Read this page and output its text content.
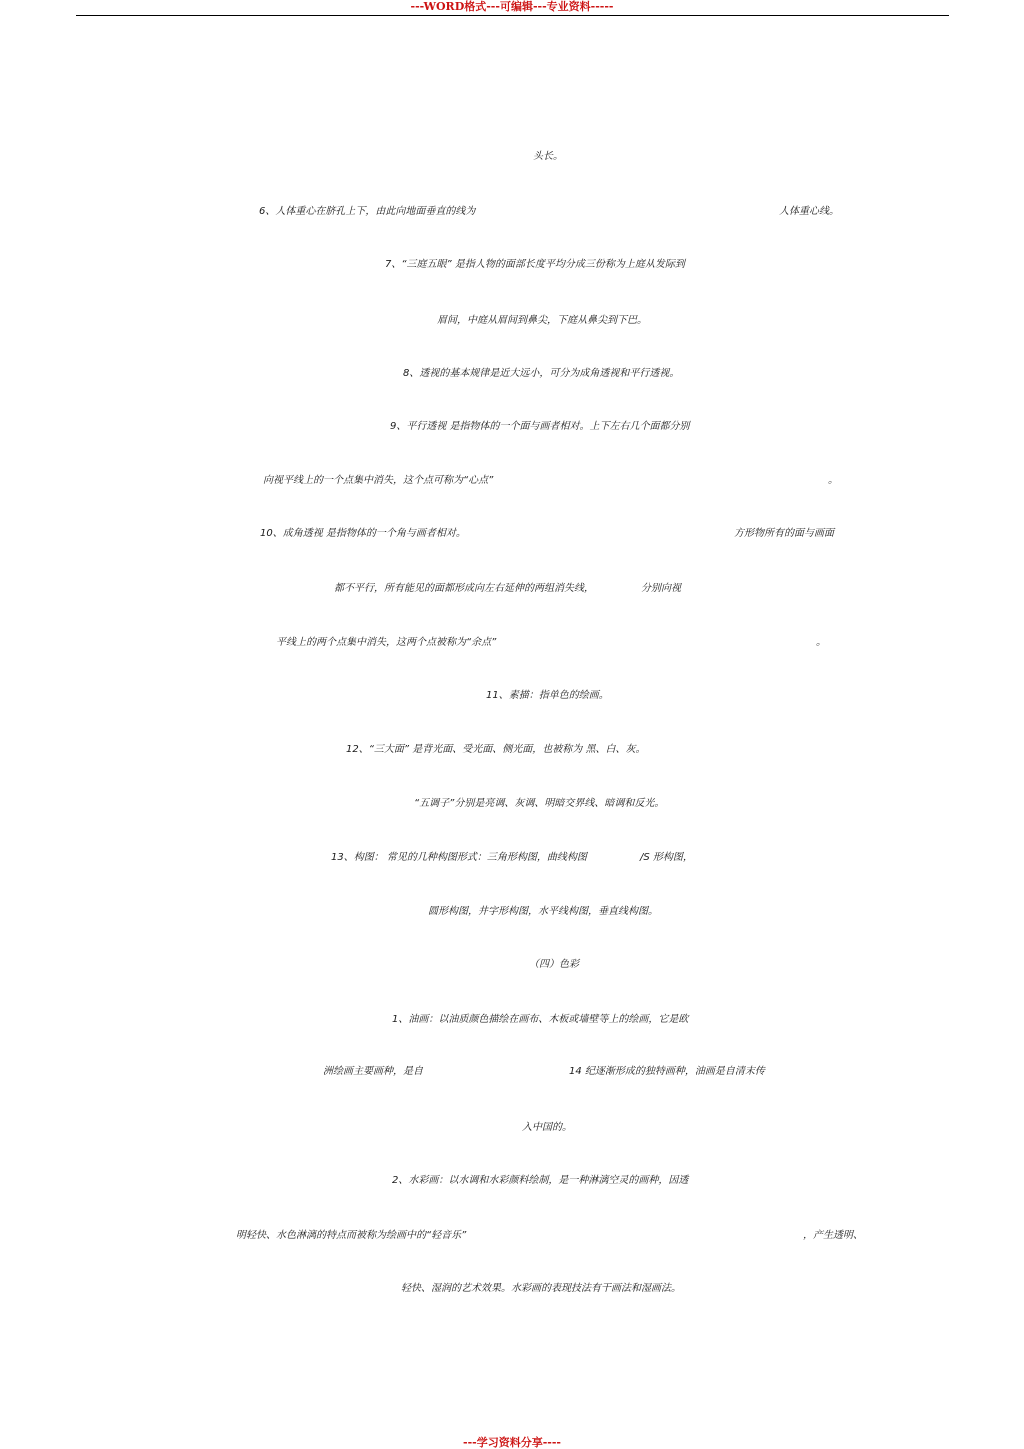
---WORD格式---可编辑---专业资料-----
头长。
6、人体重心在脐孔上下，由此向地面垂直的线为	人体重心线。
7、“三庭五眼” 是指人物的面部长度平均分成三份称为上庭从发际到
眉间，中庭从眉间到鼻尖，下庭从鼻尖到下巴。
8、透视的基本规律是近大远小，可分为成角透视和平行透视。
9、平行透视 是指物体的一个面与画者相对。上下左右几个面都分别
向视平线上的一个点集中消失，这个点可称为“心点”	。
10、成角透视 是指物体的一个角与画者相对。	方形物所有的面与画面
都不平行，所有能见的面都形成向左右延伸的两组消失线，	分别向视
平线上的两个点集中消失，这两个点被称为“余点”	。
11、素描：指单色的绘画。
12、“三大面” 是背光面、受光面、侧光面，也被称为 黑、白、灰。
“五调子”分别是亮调、灰调、明暗交界线、暗调和反光。
13、构图： 常见的几种构图形式：三角形构图，曲线构图	/S 形构图，
圆形构图，井字形构图，水平线构图，垂直线构图。
（四）色彩
1、油画：以油质颜色描绘在画布、木板或墙壁等上的绘画，它是欧
洲绘画主要画种，是自	14 纪逐渐形成的独特画种，油画是自清末传
入中国的。
2、水彩画：以水调和水彩颜料绘制，是一种淋漓空灵的画种，因透
明轻快、水色淋漓的特点而被称为绘画中的“轻音乐”	，产生透明、
轻快、湿润的艺术效果。水彩画的表现技法有干画法和湿画法。
---学习资料分享----
